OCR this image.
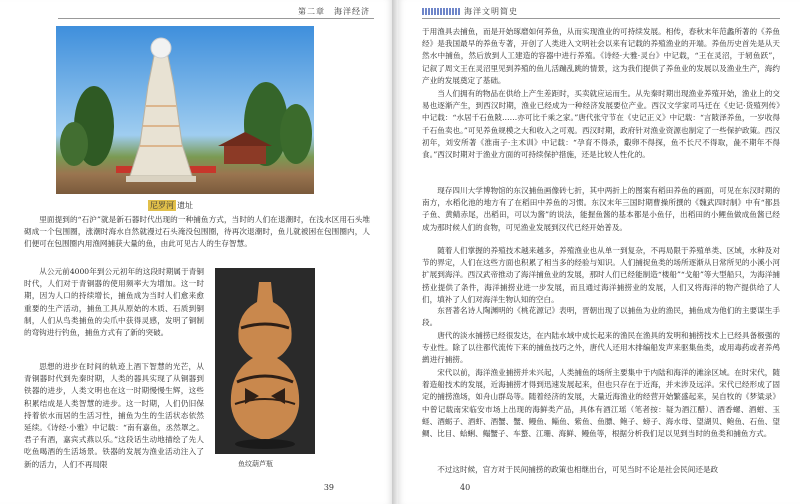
第二章　海洋经济
尼罗河 遗址

里面提到的“石沪”就是新石器时代出现的一种捕鱼方式，当时的人们在退潮时，在浅水区用石头堆砌成一个包围圈，涨潮时海水自然就漫过石头淹没包围圈，待再次退潮时，鱼儿就被困在包围圈内，人们便可在包围圈内用渔网捕获大量的鱼，由此可见古人的生存智慧。

从公元前4000年到公元初年的这段时期属于青铜时代，人们对于青铜器的使用频率大为增加。这一时期，因为人口的持续增长，捕鱼成为当时人们愈来愈重要的生产活动，捕鱼工具从原始的木质、石质到铜制，人们从鸟类捕鱼的尖爪中获得灵感，发明了铜制的弯钩进行钓鱼，捕鱼方式有了新的突破。

思想的进步在时间的轨迹上酒下智慧的光芒，从青铜器时代到先秦时期，人类的器具实现了从铜器到铁器的进步，人类文明也在这一时期慢慢生辉，这些积累结成是人类智慧的进步。这一时期，人们仍旧保持着依水而居的生活习性，捕鱼为生的生活状态依然延续。《诗经·小雅》中记载：“南有嘉鱼，丞然罩之。君子有酒，嘉宾式燕以乐。”这段话生动地描绘了先人吃鱼喝酒的生活场景。铁器的发展为渔业活动注入了新的活力，人们不再局限	鱼纹葫芦瓶
39
海洋文明简史

于用渔具去捕鱼，而是开始琢磨如何养鱼，从而实现渔业的可持续发展。相传，春秋末年范蠡所著的《养鱼经》是我国最早的养鱼专著，开创了人类进入文明社会以来有记载的养殖渔业的开端。养鱼历史首先是从天然水中捕鱼，然后放到人工建造的容器中进行养殖。《诗经·大雅·灵台》中记载，“王在灵沼，于轫鱼跃”，记叙了周文王在灵沼里见到养殖的鱼儿活蹦乱跳的情景，这为我们提供了养鱼业的发展以及渔业生产，海约产业的发展奠定了基础。

当人们拥有的物品在供给上产生差距时，买卖就应运而生。从先秦时期出现渔业养殖开始，渔业上的交易也逐渐产生，到西汉时期，渔业已经成为一种经济发展要位产业。西汉文学家司马迁在《史记·货殖列传》中记载：“水居千石鱼陂……亦可比千乘之家。”唐代张守节在《史记正义》中记载：“言陂泽养鱼，一岁收得千石鱼卖也。”可见养鱼规模之大和收入之可观。西汉时期，政府针对渔业资源也制定了一些保护政策。西汉初年，刘安所著《淮南子·主术训》中记载：“孕育不得杀，鷇卵不得探，鱼不长尺不得取，彘不期年不得食。”西汉时期对于渔业方面的可持续保护措施，还是比较人性化的。

现存四川大学博物馆的东汉捕鱼画像砖七折，其中两折上的图案有稻田养鱼的画面，可见在东汉时期的南方，水稻化池的地方有了在稻田中养鱼的习惯。东汉末年三国时期曹操所撰的《魏武四时制》中有“都县子鱼、黄鲭赤尾，出稻田，可以为酱”的说法，能握鱼酱的基本都是小鱼仔，出稻田的小鲤鱼做成鱼酱已经成为那时候人们的食物，可见渔业发展到汉代已经开始普及。

随着人们掌握的养殖技术越来越多，养殖渔业也从单一到复杂，不再局限于养殖单类、区域，水种及对节的界定，人们在这些方面也积累了相当多的经验与知识。人们捕捉鱼类的场所逐渐从日常所见的小溪小河扩展到海洋。西汉武帝推动了海洋捕鱼业的发展，那时人们已经能制造“楼船”“戈船”等大型船只，为海洋捕捞业提供了条件，海洋捕捞业进一步发展，而且通过海洋捕捞业的发展，人们又将海洋的物产提供给了人们，填补了人们对海洋生物认知的空白。

东晋著名诗人陶渊明的《桃花源记》表明，晋朝出现了以捕鱼为业的渔民，捕鱼成为他们的主要谋生手段。

唐代的淡水捕捞已经很发达，在内陆水域中成长起来的渔民在渔具的发明和捕捞技术上已经具备极强的专业性。除了以往都代流传下来的捕鱼技巧之外，唐代人还用木排编船发声来驱集鱼类，或用毒药或者养鸬鹚进行捕捞。

宋代以前，海洋渔业捕捞并未兴起，人类捕鱼的场所主要集中于内陆和海洋的滩涂区域。在时宋代，随着造船技术的发展，近海捕捞才得到迅速发展起来，但也只存在于近海，并未涉及远洋。宋代已经形成了固定的捕捞渔场，如舟山群岛等。随着经济的发展，大量近海渔业的经营开始繁盛起来，吴自牧的《梦粱录》中曾记载南宋临安市场上出现的海鲜类产品，具体有酒江瑶（笔者按：疑为酒江醋）、酒香螺、酒蚶、玉蛏、酒蛎子、酒虾、酒蟹、蟹、鳗鱼、鲻鱼、紫鱼、鱼膘、鲍子、螃子、海水母、望湖贝、鲍鱼、石鱼、望鲷、比目、蛤蜊、鳎蟹子、车螯、江珊、海鲜、鳗鱼等，根据分析我们足以见到当时的鱼类和捕鱼方式。

不过这时候，官方对于民间捕捞的政策也相继出台，可见当时不论是社会民间还是政

40
